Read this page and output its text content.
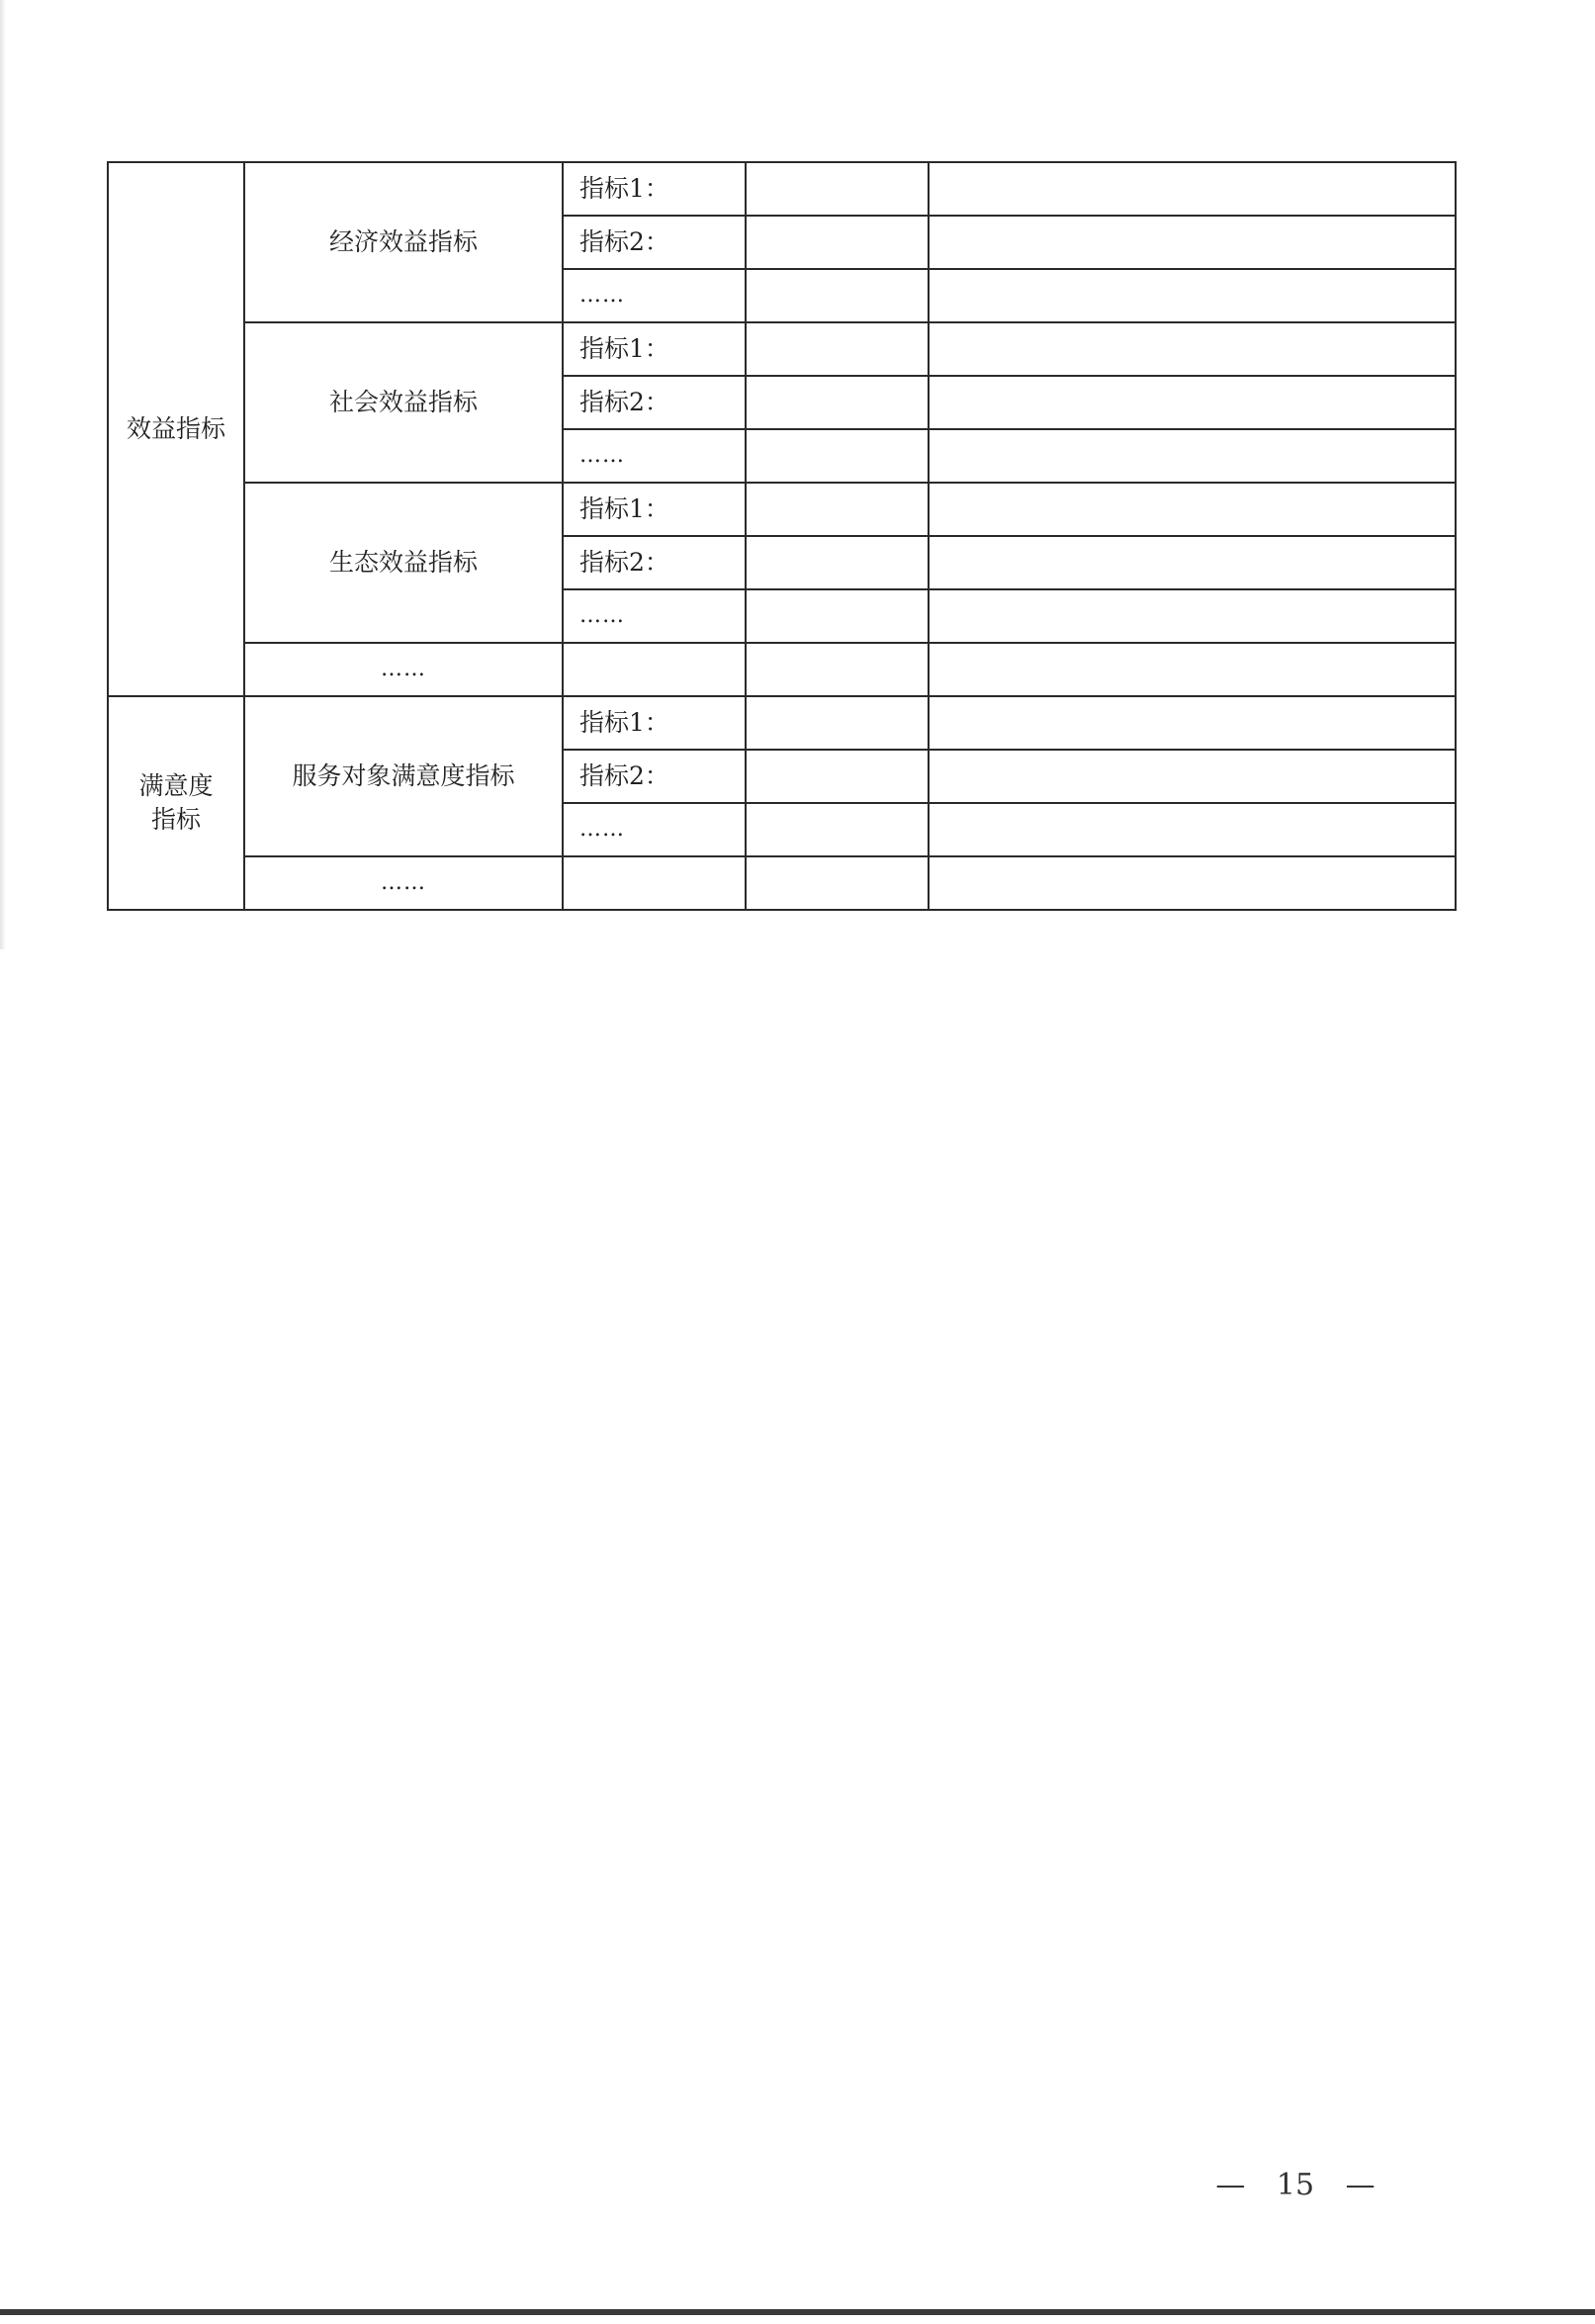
效益指标	经济效益指标	指标1：		
		指标2：		
		……		
	社会效益指标	指标1：		
		指标2：		
		……		
	生态效益指标	指标1：		
		指标2：		
		……		
	……			

满意度
指标	服务对象满意度指标	指标1：		
		指标2：		
		……		
	……			
— 15 —
